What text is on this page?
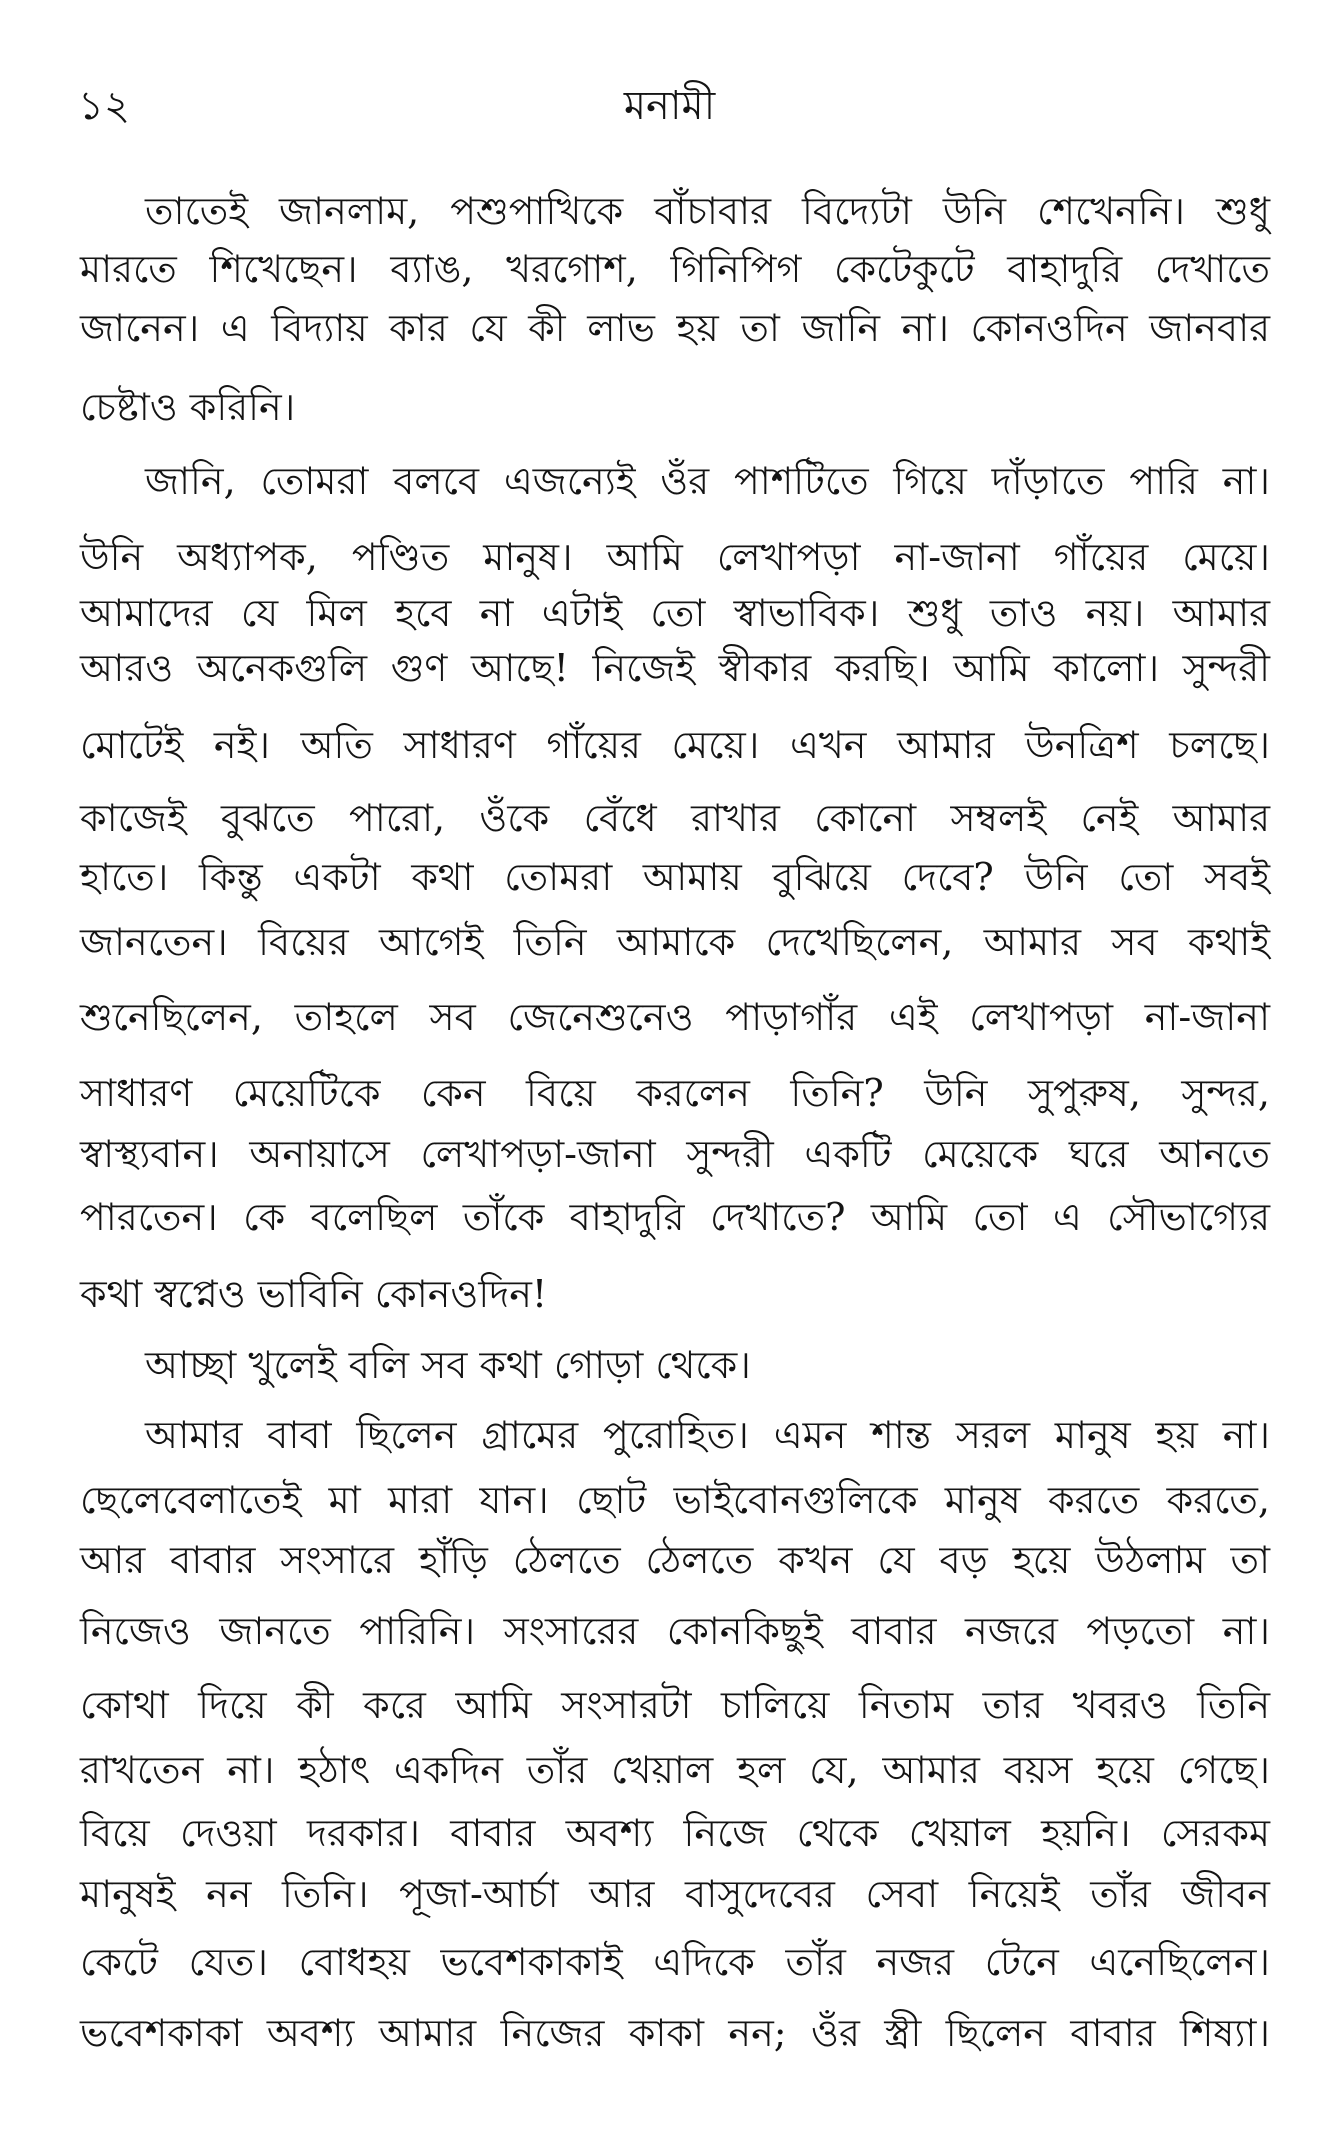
১২	মনামী
তাতেই জানলাম, পশুপাখিকে বাঁচাবার বিদ্যেটা উনি শেখেননি। শুধু
মারতে শিখেছেন। ব্যাঙ, খরগোশ, গিনিপিগ কেটেকুটে বাহাদুরি দেখাতে
জানেন। এ বিদ্যায় কার যে কী লাভ হয় তা জানি না। কোনওদিন জানবার
চেষ্টাও করিনি।
জানি, তোমরা বলবে এজন্যেই ওঁর পাশটিতে গিয়ে দাঁড়াতে পারি না।
উনি অধ্যাপক, পণ্ডিত মানুষ। আমি লেখাপড়া না-জানা গাঁয়ের মেয়ে।
আমাদের যে মিল হবে না এটাই তো স্বাভাবিক। শুধু তাও নয়। আমার
আরও অনেকগুলি গুণ আছে! নিজেই স্বীকার করছি। আমি কালো। সুন্দরী
মোটেই নই। অতি সাধারণ গাঁয়ের মেয়ে। এখন আমার উনত্রিশ চলছে।
কাজেই বুঝতে পারো, ওঁকে বেঁধে রাখার কোনো সম্বলই নেই আমার
হাতে। কিন্তু একটা কথা তোমরা আমায় বুঝিয়ে দেবে? উনি তো সবই
জানতেন। বিয়ের আগেই তিনি আমাকে দেখেছিলেন, আমার সব কথাই
শুনেছিলেন, তাহলে সব জেনেশুনেও পাড়াগাঁর এই লেখাপড়া না-জানা
সাধারণ মেয়েটিকে কেন বিয়ে করলেন তিনি? উনি সুপুরুষ, সুন্দর,
স্বাস্থ্যবান। অনায়াসে লেখাপড়া-জানা সুন্দরী একটি মেয়েকে ঘরে আনতে
পারতেন। কে বলেছিল তাঁকে বাহাদুরি দেখাতে? আমি তো এ সৌভাগ্যের
কথা স্বপ্নেও ভাবিনি কোনওদিন!
আচ্ছা খুলেই বলি সব কথা গোড়া থেকে।
আমার বাবা ছিলেন গ্রামের পুরোহিত। এমন শান্ত সরল মানুষ হয় না।
ছেলেবেলাতেই মা মারা যান। ছোট ভাইবোনগুলিকে মানুষ করতে করতে,
আর বাবার সংসারে হাঁড়ি ঠেলতে ঠেলতে কখন যে বড় হয়ে উঠলাম তা
নিজেও জানতে পারিনি। সংসারের কোনকিছুই বাবার নজরে পড়তো না।
কোথা দিয়ে কী করে আমি সংসারটা চালিয়ে নিতাম তার খবরও তিনি
রাখতেন না। হঠাৎ একদিন তাঁর খেয়াল হল যে, আমার বয়স হয়ে গেছে।
বিয়ে দেওয়া দরকার। বাবার অবশ্য নিজে থেকে খেয়াল হয়নি। সেরকম
মানুষই নন তিনি। পূজা-আর্চা আর বাসুদেবের সেবা নিয়েই তাঁর জীবন
কেটে যেত। বোধহয় ভবেশকাকাই এদিকে তাঁর নজর টেনে এনেছিলেন।
ভবেশকাকা অবশ্য আমার নিজের কাকা নন; ওঁর স্ত্রী ছিলেন বাবার শিষ্যা।
